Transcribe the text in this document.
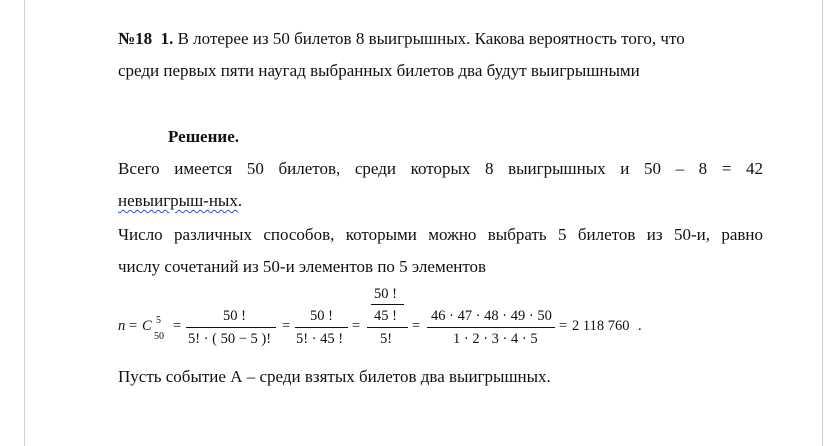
№18 1. В лотерее из 50 билетов 8 выигрышных. Какова вероятность того, что
среди первых пяти наугад выбранных билетов два будут выигрышными
Решение.
Всего имеется 50 билетов, среди которых 8 выигрышных и 50 – 8 = 42
невыигрыш-ных.
Число различных способов, которыми можно выбрать 5 билетов из 50-и, равно
числу сочетаний из 50-и элементов по 5 элементов
n = C 5
50
=
50 !
5! · ( 50 − 5 )!
=
50 !
5! · 45 !
=
50 !
45 !
5!
=
46 · 47 · 48 · 49 · 50
1 · 2 · 3 · 4 · 5
= 2 118 760 .
Пусть событие А – среди взятых билетов два выигрышных.
